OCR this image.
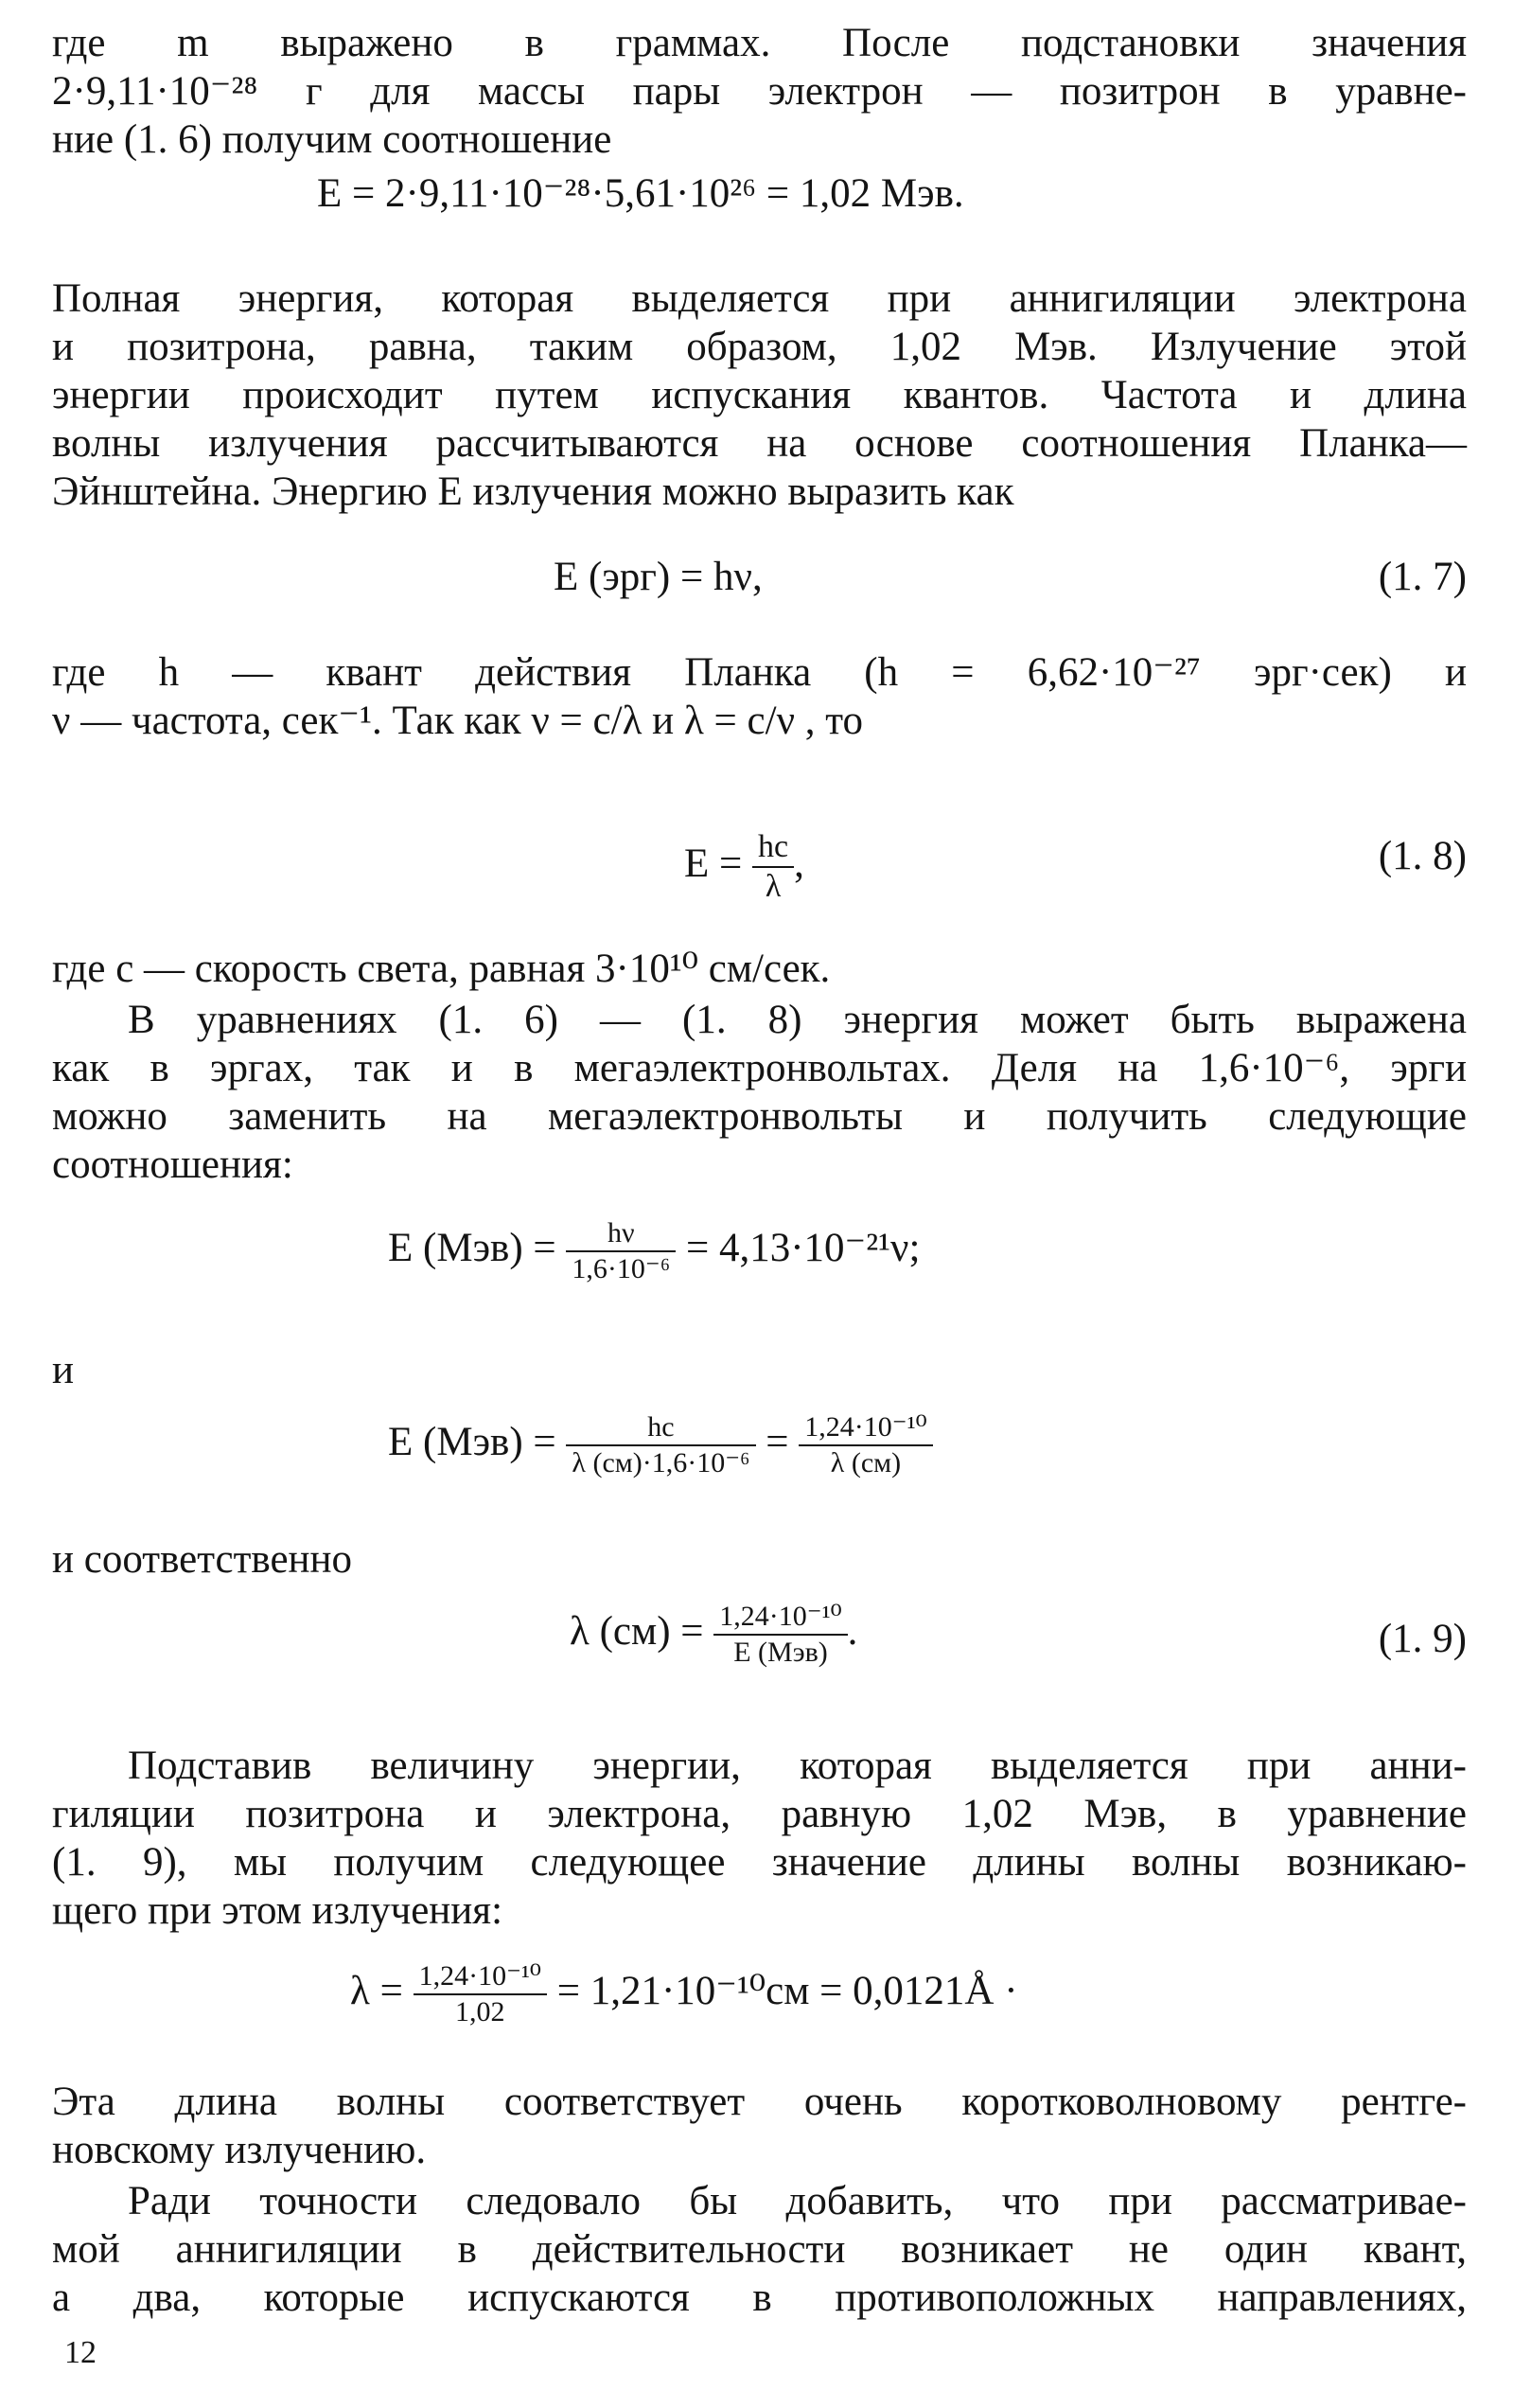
где m выражено в граммах. После подстановки значения
2·9,11·10⁻²⁸ г для массы пары электрон — позитрон в уравне-
ние (1. 6) получим соотношение
E = 2·9,11·10⁻²⁸·5,61·10²⁶ = 1,02 Мэв.
Полная энергия, которая выделяется при аннигиляции электрона
и позитрона, равна, таким образом, 1,02 Мэв. Излучение этой
энергии происходит путем испускания квантов. Частота и длина
волны излучения рассчитываются на основе соотношения Планка—
Эйнштейна. Энергию E излучения можно выразить как
E (эрг) = hν,	(1. 7)
где h — квант действия Планка (h = 6,62·10⁻²⁷ эрг·сек) и
ν — частота, сек⁻¹. Так как ν = c/λ и λ = c/ν , то
$E = \frac{hc}{\lambda}$ ,	(1. 8)
где c — скорость света, равная 3·10¹⁰ см/сек.
В уравнениях (1. 6) — (1. 8) энергия может быть выражена
как в эргах, так и в мегаэлектронвольтах. Деля на 1,6·10⁻⁶, эрги
можно заменить на мегаэлектронвольты и получить следующие
соотношения:
E $(Мэв) = \frac{h\nu}{\text{1,6·10⁻⁶}} = 4,13\cdot 10^{-21}\nu$;
и
E $(Мэв) = \frac{hc}{\text{λ (см)·1,6·10⁻⁶}} = \frac{\text{1,24·10⁻¹⁰}}{\lambda (см)}$
и соответственно
λ $(см) = \frac{\text{1,24·10⁻¹⁰}}{\text{E (Мэв)}}$ .	(1. 9)
Подставив величину энергии, которая выделяется при анни-
гиляции позитрона и электрона, равную 1,02 Мэв, в уравнение
(1. 9), мы получим следующее значение длины волны возникаю-
щего при этом излучения:
$\lambda = \frac{\text{1,24·10⁻¹⁰}}{1,02} = 1,21\cdot 10^{-10}см$ = 0,0121Å ·
Эта длина волны соответствует очень коротковолновому рентге-
новскому излучению.
Ради точности следовало бы добавить, что при рассматривае-
мой аннигиляции в действительности возникает не один квант,
а два, которые испускаются в противоположных направлениях,
12
